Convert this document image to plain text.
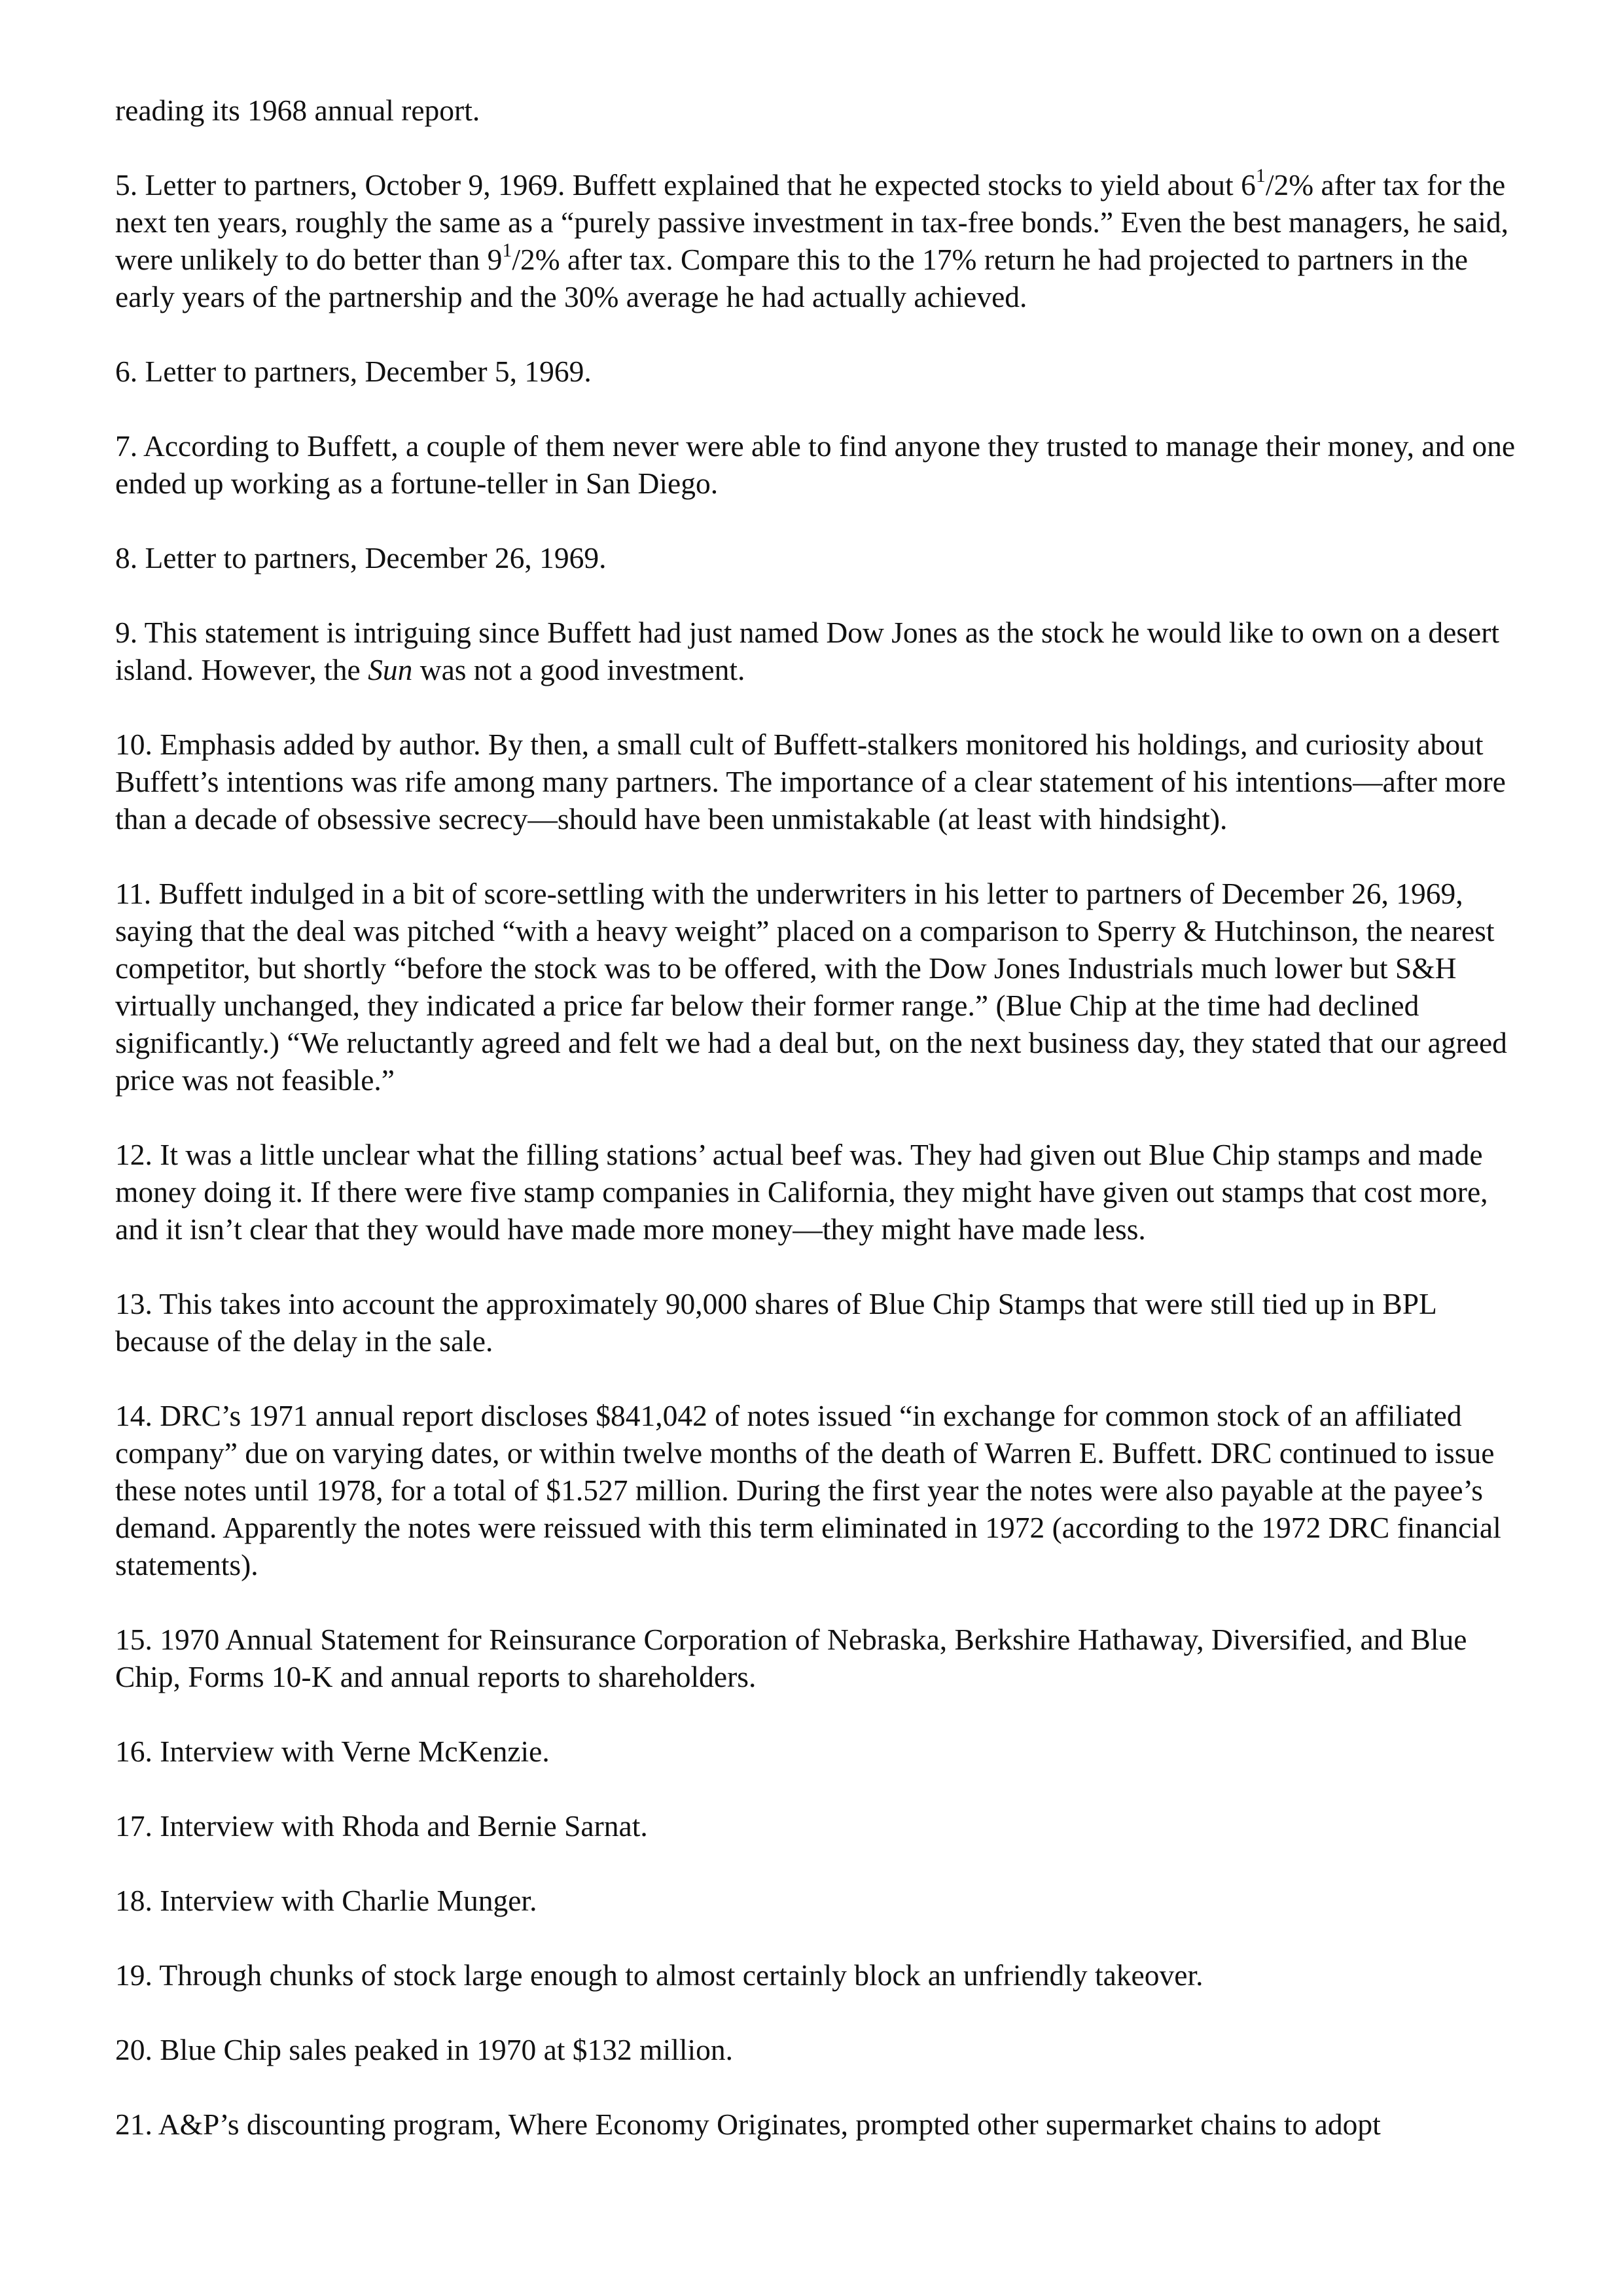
reading its 1968 annual report.

5. Letter to partners, October 9, 1969. Buffett explained that he expected stocks to yield about $6^1/2\%$ after tax for the next ten years, roughly the same as a “purely passive investment in tax-free bonds.” Even the best managers, he said, were unlikely to do better than $9^1/2\%$ after tax. Compare this to the 17% return he had projected to partners in the early years of the partnership and the 30% average he had actually achieved.

6. Letter to partners, December 5, 1969.

7. According to Buffett, a couple of them never were able to find anyone they trusted to manage their money, and one ended up working as a fortune-teller in San Diego.

8. Letter to partners, December 26, 1969.

9. This statement is intriguing since Buffett had just named Dow Jones as the stock he would like to own on a desert island. However, the Sun was not a good investment.

10. Emphasis added by author. By then, a small cult of Buffett-stalkers monitored his holdings, and curiosity about Buffett’s intentions was rife among many partners. The importance of a clear statement of his intentions—after more than a decade of obsessive secrecy—should have been unmistakable (at least with hindsight).

11. Buffett indulged in a bit of score-settling with the underwriters in his letter to partners of December 26, 1969, saying that the deal was pitched “with a heavy weight” placed on a comparison to Sperry & Hutchinson, the nearest competitor, but shortly “before the stock was to be offered, with the Dow Jones Industrials much lower but S&H virtually unchanged, they indicated a price far below their former range.” (Blue Chip at the time had declined significantly.) “We reluctantly agreed and felt we had a deal but, on the next business day, they stated that our agreed price was not feasible.”

12. It was a little unclear what the filling stations’ actual beef was. They had given out Blue Chip stamps and made money doing it. If there were five stamp companies in California, they might have given out stamps that cost more, and it isn’t clear that they would have made more money—they might have made less.

13. This takes into account the approximately 90,000 shares of Blue Chip Stamps that were still tied up in BPL because of the delay in the sale.

14. DRC’s 1971 annual report discloses $841,042 of notes issued “in exchange for common stock of an affiliated company” due on varying dates, or within twelve months of the death of Warren E. Buffett. DRC continued to issue these notes until 1978, for a total of $1.527 million. During the first year the notes were also payable at the payee’s demand. Apparently the notes were reissued with this term eliminated in 1972 (according to the 1972 DRC financial statements).

15. 1970 Annual Statement for Reinsurance Corporation of Nebraska, Berkshire Hathaway, Diversified, and Blue Chip, Forms 10-K and annual reports to shareholders.

16. Interview with Verne McKenzie.

17. Interview with Rhoda and Bernie Sarnat.

18. Interview with Charlie Munger.

19. Through chunks of stock large enough to almost certainly block an unfriendly takeover.

20. Blue Chip sales peaked in 1970 at $132 million.

21. A&P’s discounting program, Where Economy Originates, prompted other supermarket chains to adopt
